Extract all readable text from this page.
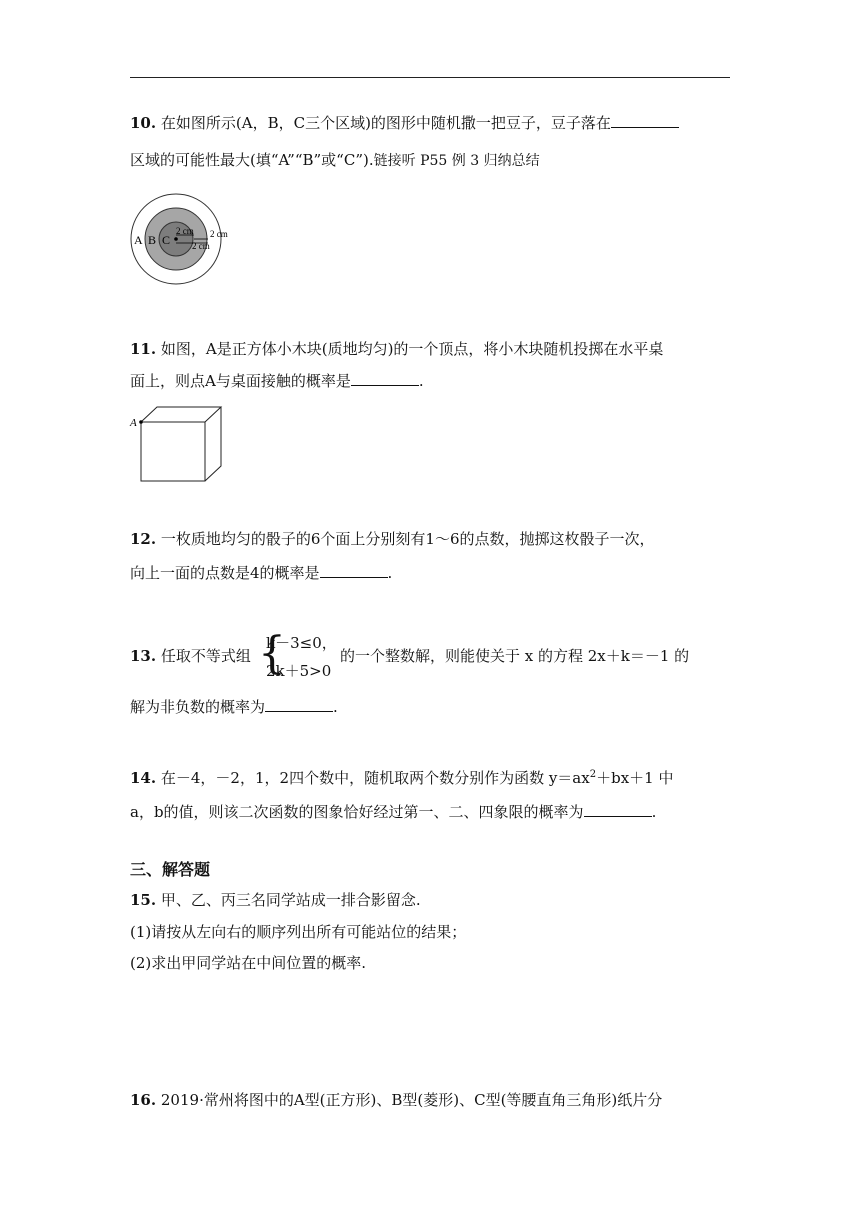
10. 在如图所示(A，B，C三个区域)的图形中随机撒一把豆子，豆子落在
区域的可能性最大(填“A”“B”或“C”).链接听 P55 例 3 归纳总结
A B C
2 cm 2 cm
2 cm
11. 如图，A是正方体小木块(质地均匀)的一个顶点，将小木块随机投掷在水平桌
面上，则点A与桌面接触的概率是	.
A
12. 一枚质地均匀的骰子的6个面上分别刻有1～6的点数，抛掷这枚骰子一次，
向上一面的点数是4的概率是	.
13. 任取不等式组 {
k－3≤0，
2k＋5>0
的一个整数解，则能使关于 x 的方程 2x＋k＝－1 的
解为非负数的概率为	.
14. 在－4，－2，1，2四个数中，随机取两个数分别作为函数 $y=ax^2+bx+1$ 中
a，b的值，则该二次函数的图象恰好经过第一、二、四象限的概率为	.
三、解答题
15. 甲、乙、丙三名同学站成一排合影留念.
(1)请按从左向右的顺序列出所有可能站位的结果；
(2)求出甲同学站在中间位置的概率.
16. 2019·常州将图中的A型(正方形)、B型(菱形)、C型(等腰直角三角形)纸片分
